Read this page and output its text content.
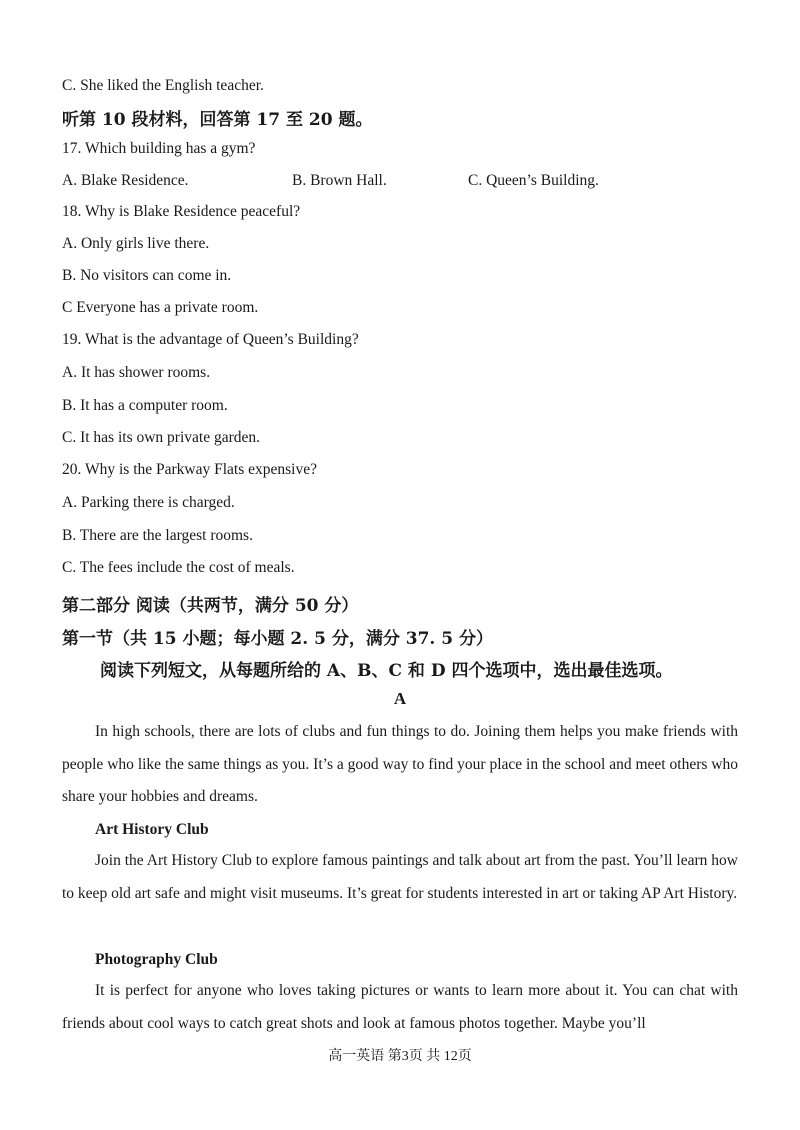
C. She liked the English teacher.
听第 10 段材料，回答第 17 至 20 题。
17. Which building has a gym?
A. Blake Residence.	B. Brown Hall.	C. Queen’s Building.
18. Why is Blake Residence peaceful?
A. Only girls live there.
B. No visitors can come in.
C Everyone has a private room.
19. What is the advantage of Queen’s Building?
A. It has shower rooms.
B. It has a computer room.
C. It has its own private garden.
20. Why is the Parkway Flats expensive?
A. Parking there is charged.
B. There are the largest rooms.
C. The fees include the cost of meals.
第二部分 阅读（共两节，满分 50 分）
第一节（共 15 小题；每小题 2. 5 分，满分 37. 5 分）
阅读下列短文，从每题所给的 A、B、C 和 D 四个选项中，选出最佳选项。
A
In high schools, there are lots of clubs and fun things to do. Joining them helps you make friends with people who like the same things as you. It’s a good way to find your place in the school and meet others who share your hobbies and dreams.
Art History Club
Join the Art History Club to explore famous paintings and talk about art from the past. You’ll learn how to keep old art safe and might visit museums. It’s great for students interested in art or taking AP Art History.
Photography Club
It is perfect for anyone who loves taking pictures or wants to learn more about it. You can chat with friends about cool ways to catch great shots and look at famous photos together. Maybe you’ll
高一英语 第3页 共 12页
